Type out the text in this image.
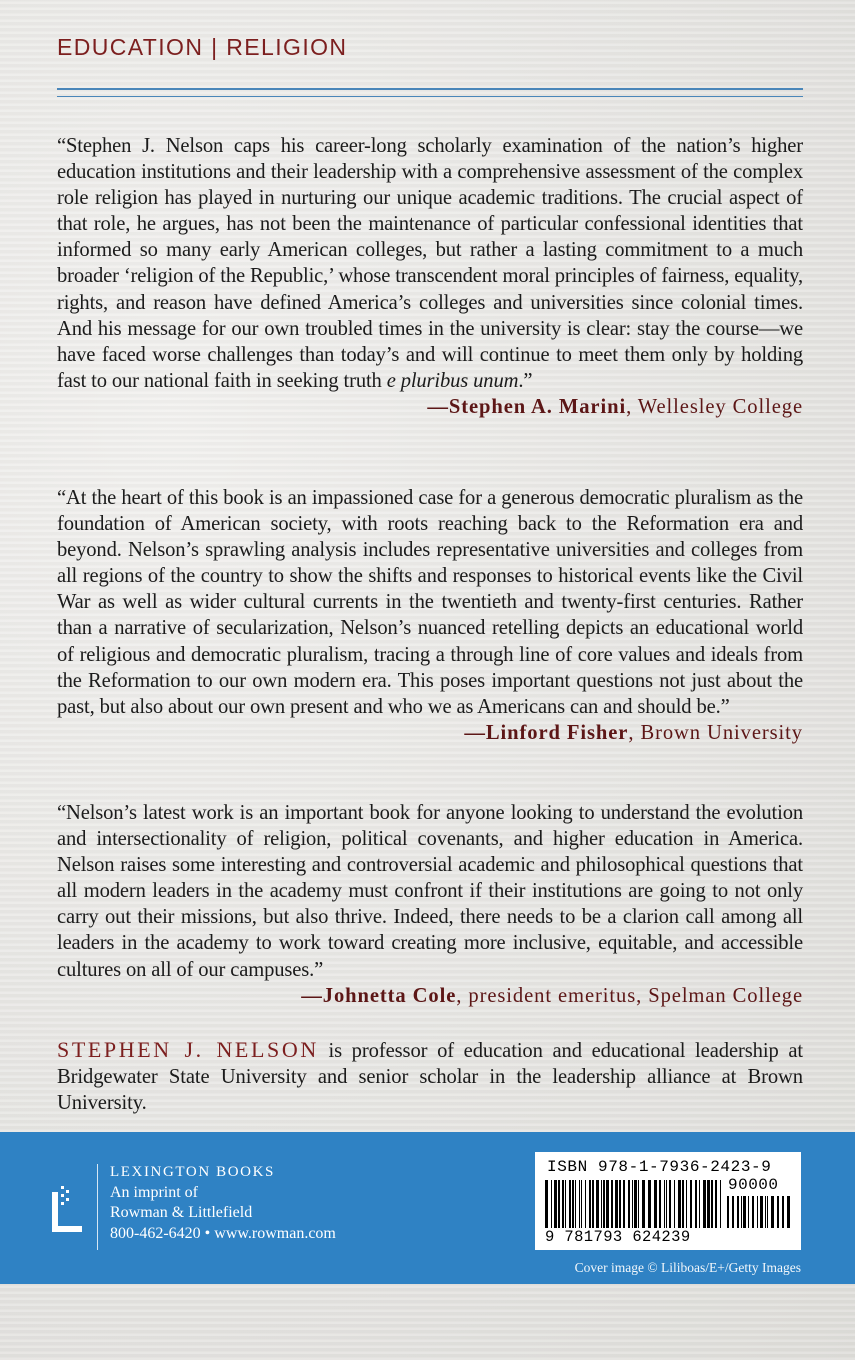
EDUCATION | RELIGION

“Stephen J. Nelson caps his career-long scholarly examination of the nation’s higher education institutions and their leadership with a comprehensive assessment of the complex role religion has played in nurturing our unique academic traditions. The crucial aspect of that role, he argues, has not been the maintenance of particular confessional identities that informed so many early American colleges, but rather a lasting commitment to a much broader ‘religion of the Republic,’ whose transcendent moral principles of fairness, equality, rights, and reason have defined America’s colleges and universities since colonial times. And his message for our own troubled times in the university is clear: stay the course—we have faced worse challenges than today’s and will continue to meet them only by holding fast to our national faith in seeking truth e pluribus unum.”

—Stephen A. Marini, Wellesley College

“At the heart of this book is an impassioned case for a generous democratic pluralism as the foundation of American society, with roots reaching back to the Reformation era and beyond. Nelson’s sprawling analysis includes representative universities and colleges from all regions of the country to show the shifts and responses to historical events like the Civil War as well as wider cultural currents in the twentieth and twenty-first centuries. Rather than a narrative of secularization, Nelson’s nuanced retelling depicts an educational world of religious and democratic pluralism, tracing a through line of core values and ideals from the Reformation to our own modern era. This poses important questions not just about the past, but also about our own present and who we as Americans can and should be.”
—Linford Fisher, Brown University

“Nelson’s latest work is an important book for anyone looking to understand the evolution and intersectionality of religion, political covenants, and higher education in America. Nelson raises some interesting and controversial academic and philosophical questions that all modern leaders in the academy must confront if their institutions are going to not only carry out their missions, but also thrive. Indeed, there needs to be a clarion call among all leaders in the academy to work toward creating more inclusive, equitable, and accessible cultures on all of our campuses.”
—Johnetta Cole, president emeritus, Spelman College

STEPHEN J. NELSON is professor of education and educational leadership at Bridgewater State University and senior scholar in the leadership alliance at Brown University.
LEXINGTON BOOKS
An imprint of
Rowman & Littlefield
800-462-6420 • www.rowman.com
ISBN 978-1-7936-2423-9
90000
9 781793 624239
Cover image © Liliboas/E+/Getty Images
